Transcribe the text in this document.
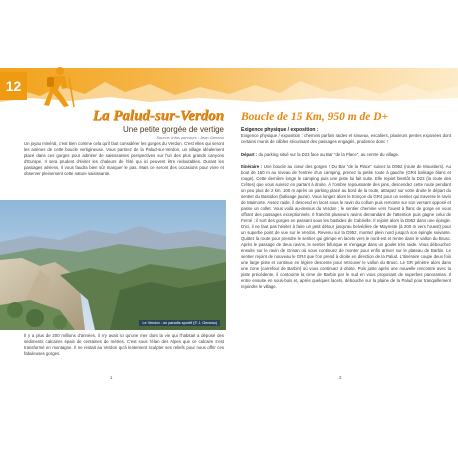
12
La Palud-sur-Verdon
Une petite gorgée de vertige
Source: Infos parcours : Jean Geneau

Un joyau minéral, c'est bien comme cela qu'il faut considérer les gorges du Verdon. C'est elles qui seront les airènes de cette boucle vertigineuse. Vous partirez de la Palud-sur-Verdon, un village idéalement placé dans ces gorges pour admirer de saisissantes perspectives sur l'un des plus grands canyons d'Europe. Il sera prudent d'éviter les chaleurs de l'été qui ici peuvent être redoutables. Durant les passages aériens, il vous faudra bien sûr marquer le pas. Mais ce seront des occasions pour vivre et observer pleinement cette nature saisissante.

Le Verdon : un paradis sportif (© J. Geneau)

Il y a plus de 200 millions d'années, il n'y avait ici qu'une mer dont la vie qui l'habitait a déposé des sédiments calcaires épais de centaines de mètres. C'est sous l'élan des Alpes que ce calcaire s'est transformé en montagne. Il ne restait au Verdon qu'à lentement sculpter ses reliefs pour nous offrir ces fabuleuses gorges.

1
Boucle de 15 Km, 950 m de D+
Exigence physique / exposition :
Exigence physique / exposition : chemins parfois raides et sinueux, escaliers, plusieurs pentes exposées dont certains munis de câbles sécurisant des passages engagés, prudence donc !
Départ : du parking situé sur la D23 face au Bar "de la Place", au centre du village.
Itinéraire : Une boucle au cœur des gorges ! Du Bar "de la Place" suivez la D952 (route de Moustiers). Au bout de 150 m au niveau de l'entrée d'un camping, prenez la petite route à gauche (GR4 balisage blanc et rouge). Cette dernière longe le camping puis une piste lui fait suite. Elle rejoint bientôt la D23 (la route des Crêtes) que vous suivrez en partant à droite. À l'ombre repoussante des pins, descendez cette route pendant un peu plus de 2 km. 100 m après un parking placé au bord de la route, attrapez sur votre droite le départ du sentier du Bastidon (balisage jaune). Vous longez alors le tronçon du GR4 pour un sentier qui traverse le ravin de Maimorte. Assez raide, il descend en lacet sous le ravin du collum puis remonte sur son versant opposé et passe un collet. Vous voilà au-dessus du Verdon ; le sentier chemine vers l'ouest à flanc de gorge en vous offrant des passages exceptionnels. Il franchit plusieurs ravins demandant de l'attention puis gagne celui de Ferné ; il sort des gorges en passant sous les bastides de Cabrielle. Il rejoint alors la D952 dans une épingle. D'ici, il ne faut pas hésiter à faire un petit détour jusqu'au belvédère de Mayreste (à 200 m vers l'ouest) pour un superbe point de vue sur le Verdon. Revenu sur la D952, montez plein nord jusqu'à son épingle suivante. Quittez la route pour prendre le sentier qui grimpe en lacets vers le nord-est et rentre dans le vallon du Brusc. Après le passage de deux ravins, le sentier bifurque et s'engage dans un goulet très raide. Vous débouchez ensuite sur le ravin de Grinan où vous continuez de monter pour enfin arriver sur le plateau de Barbin. Le sentier rejoint de nouveau le GR4 que l'on prend à droite en direction de la Palud. L'itinéraire coupe deux fois une large piste et continue en légère descente pour retrouver le vallon du Brusc. Le GR pénètre alors dans une zone (carrefour de Barbin) où vous continuez à droite. Puis juste après une nouvelle rencontre avec la piste précédente, il contourne la cime de Barbin par le sud en vous proposant de superbes panoramas. Il entre ensuite en sous-bois et, après quelques lacets, débouche sur la plaine de la Palud pour tranquillement rejoindre le village.
2
